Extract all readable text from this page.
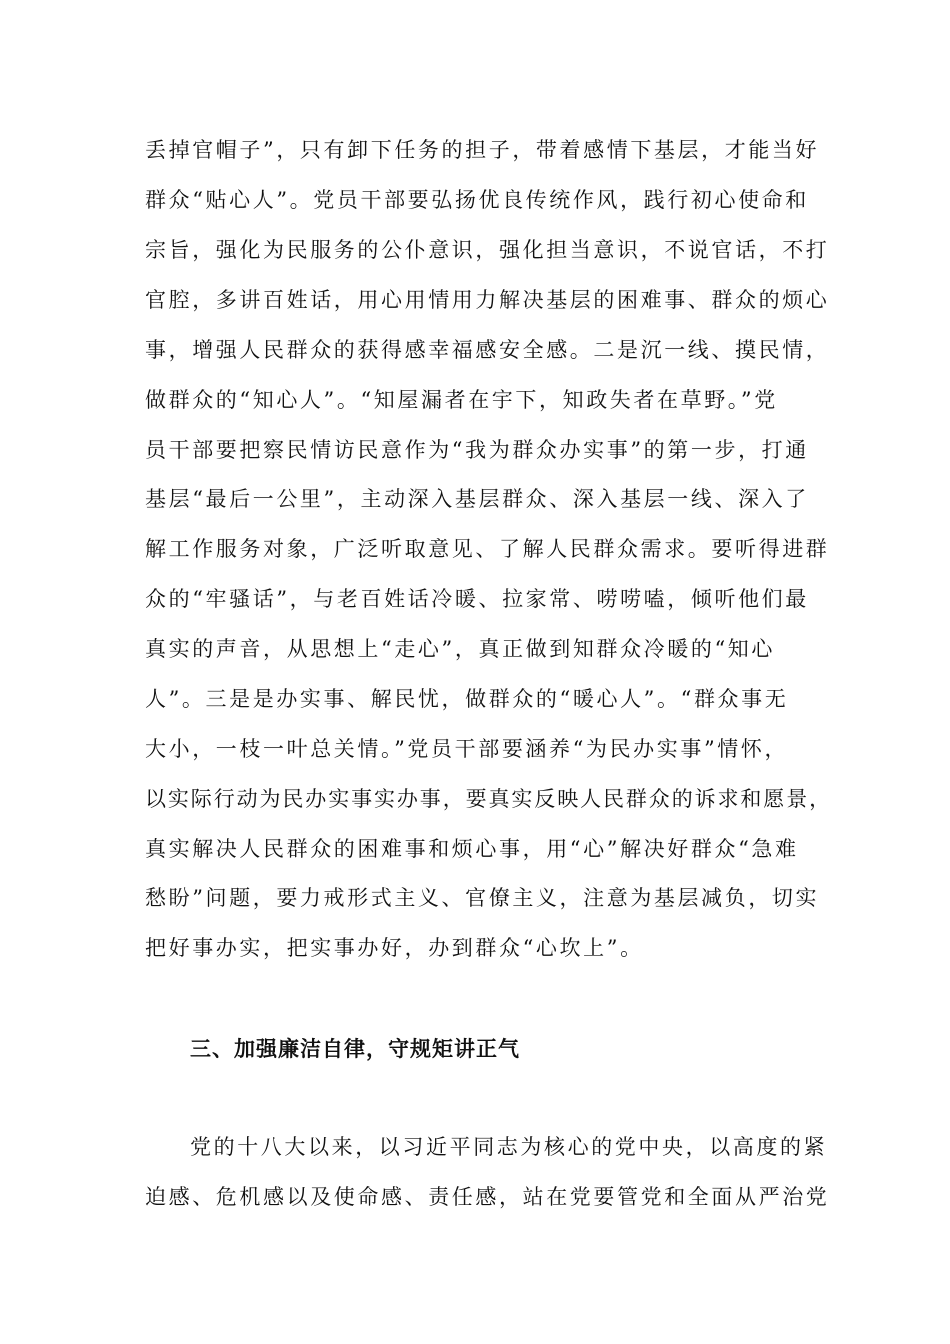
丢掉官帽子”，只有卸下任务的担子，带着感情下基层，才能当好
群众“贴心人”。党员干部要弘扬优良传统作风，践行初心使命和
宗旨，强化为民服务的公仆意识，强化担当意识，不说官话，不打
官腔，多讲百姓话，用心用情用力解决基层的困难事、群众的烦心
事，增强人民群众的获得感幸福感安全感。二是沉一线、摸民情，
做群众的“知心人”。“知屋漏者在宇下，知政失者在草野。”党
员干部要把察民情访民意作为“我为群众办实事”的第一步，打通
基层“最后一公里”，主动深入基层群众、深入基层一线、深入了
解工作服务对象，广泛听取意见、了解人民群众需求。要听得进群
众的“牢骚话”，与老百姓话冷暖、拉家常、唠唠嗑，倾听他们最
真实的声音，从思想上“走心”，真正做到知群众冷暖的“知心
人”。三是是办实事、解民忧，做群众的“暖心人”。“群众事无
大小，一枝一叶总关情。”党员干部要涵养“为民办实事”情怀，
以实际行动为民办实事实办事，要真实反映人民群众的诉求和愿景，
真实解决人民群众的困难事和烦心事，用“心”解决好群众“急难
愁盼”问题，要力戒形式主义、官僚主义，注意为基层减负，切实
把好事办实，把实事办好，办到群众“心坎上”。
三、加强廉洁自律，守规矩讲正气
党的十八大以来，以习近平同志为核心的党中央，以高度的紧
迫感、危机感以及使命感、责任感，站在党要管党和全面从严治党
